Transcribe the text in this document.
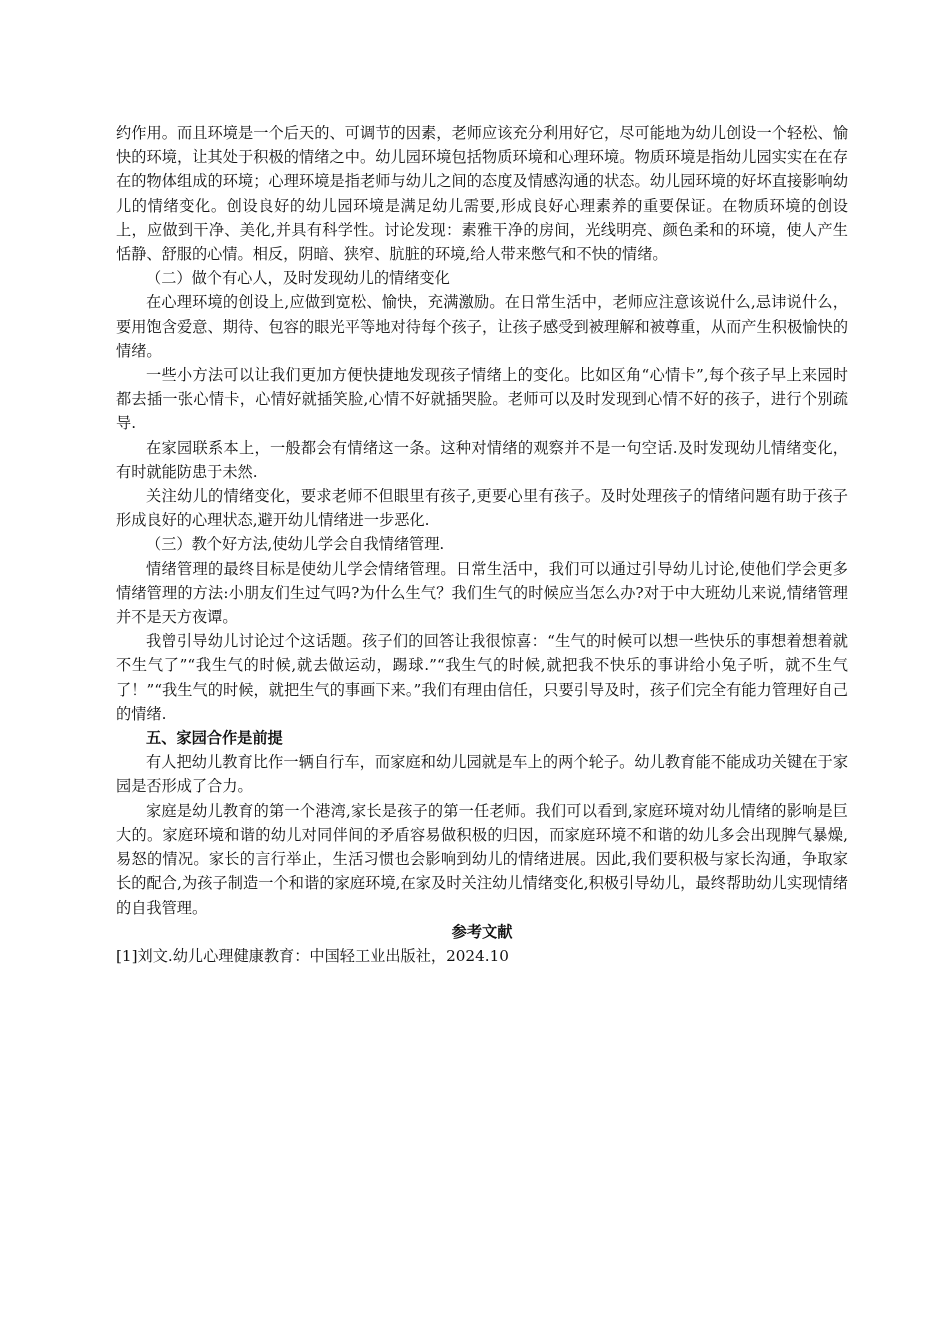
约作用。而且环境是一个后天的、可调节的因素，老师应该充分利用好它，尽可能地为幼儿创设一个轻松、愉快的环境，让其处于积极的情绪之中。幼儿园环境包括物质环境和心理环境。物质环境是指幼儿园实实在在存在的物体组成的环境；心理环境是指老师与幼儿之间的态度及情感沟通的状态。幼儿园环境的好坏直接影响幼儿的情绪变化。创设良好的幼儿园环境是满足幼儿需要,形成良好心理素养的重要保证。在物质环境的创设上，应做到干净、美化,并具有科学性。讨论发现：素雅干净的房间，光线明亮、颜色柔和的环境，使人产生恬静、舒服的心情。相反，阴暗、狭窄、肮脏的环境,给人带来憋气和不快的情绪。

（二）做个有心人，及时发现幼儿的情绪变化

在心理环境的创设上,应做到宽松、愉快，充满激励。在日常生活中，老师应注意该说什么,忌讳说什么，要用饱含爱意、期待、包容的眼光平等地对待每个孩子，让孩子感受到被理解和被尊重，从而产生积极愉快的情绪。

一些小方法可以让我们更加方便快捷地发现孩子情绪上的变化。比如区角“心情卡”,每个孩子早上来园时都去插一张心情卡，心情好就插笑脸,心情不好就插哭脸。老师可以及时发现到心情不好的孩子，进行个别疏导.

在家园联系本上，一般都会有情绪这一条。这种对情绪的观察并不是一句空话.及时发现幼儿情绪变化，有时就能防患于未然.

关注幼儿的情绪变化，要求老师不但眼里有孩子,更要心里有孩子。及时处理孩子的情绪问题有助于孩子形成良好的心理状态,避开幼儿情绪进一步恶化.

（三）教个好方法,使幼儿学会自我情绪管理.

情绪管理的最终目标是使幼儿学会情绪管理。日常生活中，我们可以通过引导幼儿讨论,使他们学会更多情绪管理的方法:小朋友们生过气吗?为什么生气？我们生气的时候应当怎么办?对于中大班幼儿来说,情绪管理并不是天方夜谭。

我曾引导幼儿讨论过个这话题。孩子们的回答让我很惊喜：“生气的时候可以想一些快乐的事想着想着就不生气了”“我生气的时候,就去做运动，踢球.”“我生气的时候,就把我不快乐的事讲给小兔子听，就不生气了！”“我生气的时候，就把生气的事画下来。”我们有理由信任，只要引导及时，孩子们完全有能力管理好自己的情绪.

五、家园合作是前提

有人把幼儿教育比作一辆自行车，而家庭和幼儿园就是车上的两个轮子。幼儿教育能不能成功关键在于家园是否形成了合力。

家庭是幼儿教育的第一个港湾,家长是孩子的第一任老师。我们可以看到,家庭环境对幼儿情绪的影响是巨大的。家庭环境和谐的幼儿对同伴间的矛盾容易做积极的归因，而家庭环境不和谐的幼儿多会出现脾气暴燥,易怒的情况。家长的言行举止，生活习惯也会影响到幼儿的情绪进展。因此,我们要积极与家长沟通，争取家长的配合,为孩子制造一个和谐的家庭环境,在家及时关注幼儿情绪变化,积极引导幼儿，最终帮助幼儿实现情绪的自我管理。

参考文献

[1]刘文.幼儿心理健康教育：中国轻工业出版社，2024.10
